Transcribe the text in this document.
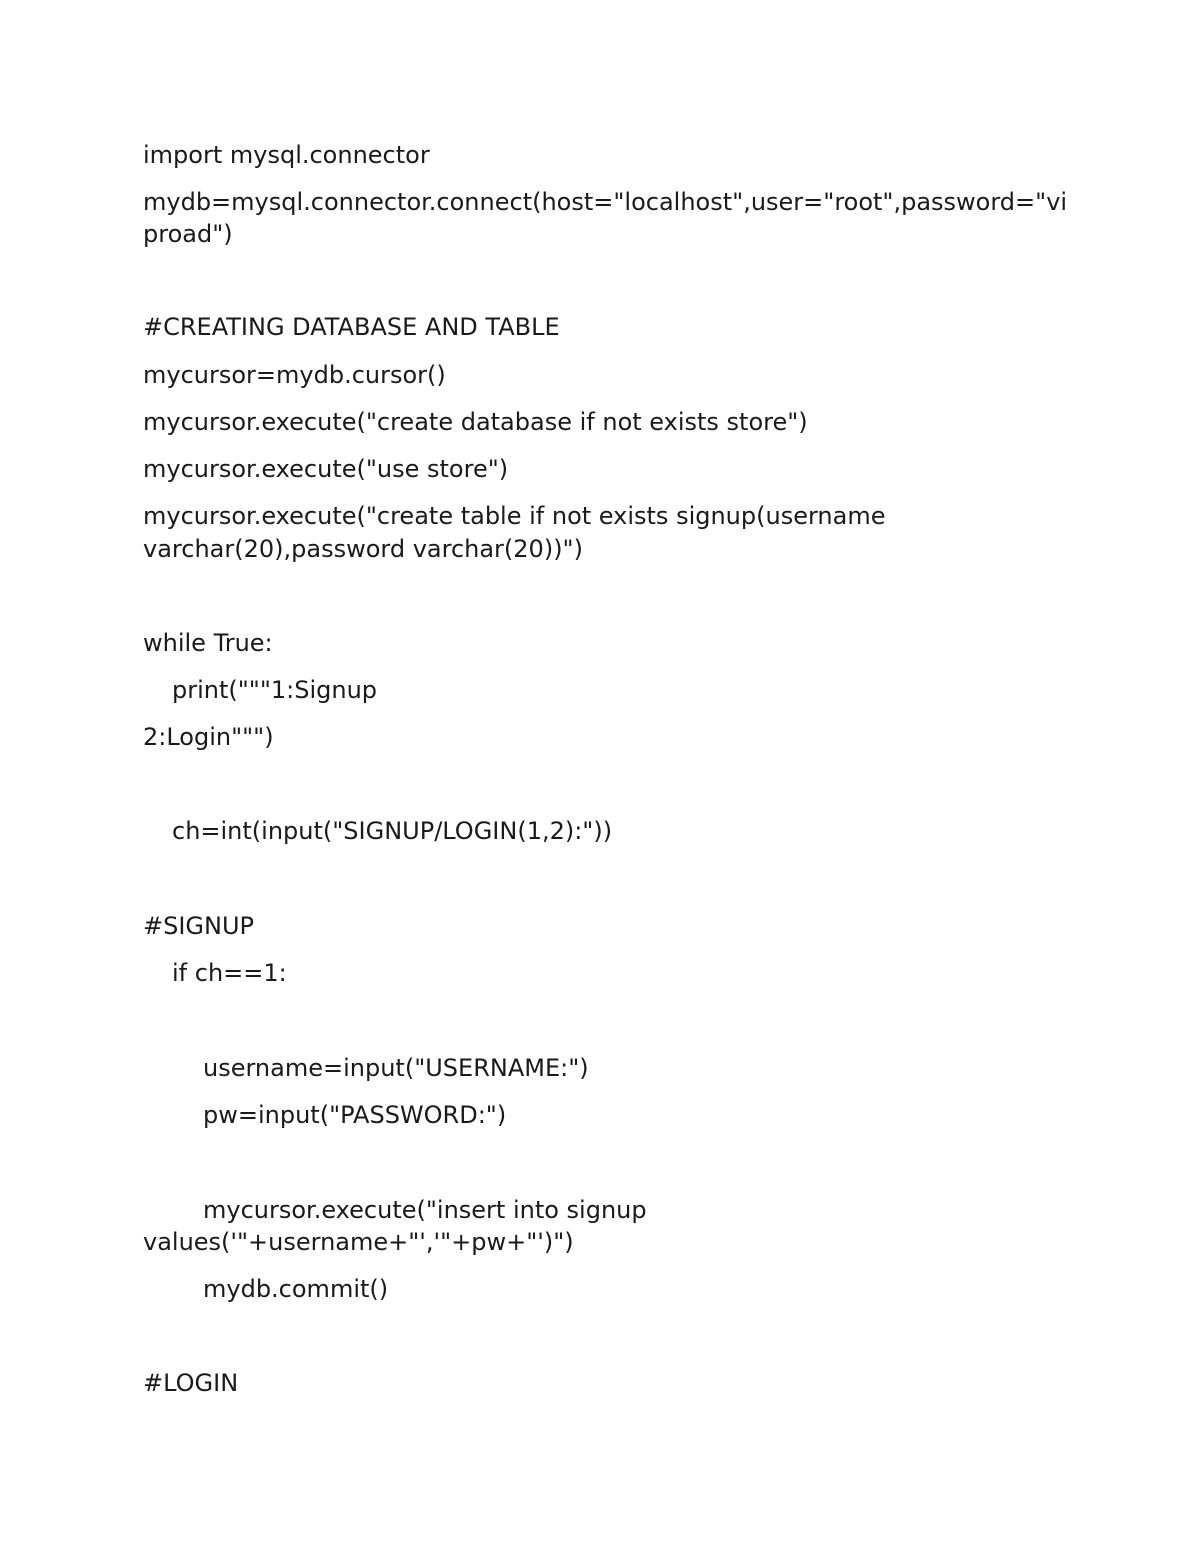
import mysql.connector

mydb=mysql.connector.connect(host="localhost",user="root",password="vi

proad")

#CREATING DATABASE AND TABLE

mycursor=mydb.cursor()

mycursor.execute("create database if not exists store")

mycursor.execute("use store")

mycursor.execute("create table if not exists signup(username

varchar(20),password varchar(20))")

while True:

print("""1:Signup

2:Login""")

ch=int(input("SIGNUP/LOGIN(1,2):"))

#SIGNUP

if ch==1:

username=input("USERNAME:")

pw=input("PASSWORD:")

mycursor.execute("insert into signup

values('"+username+"','"+pw+"')")

mydb.commit()

#LOGIN
